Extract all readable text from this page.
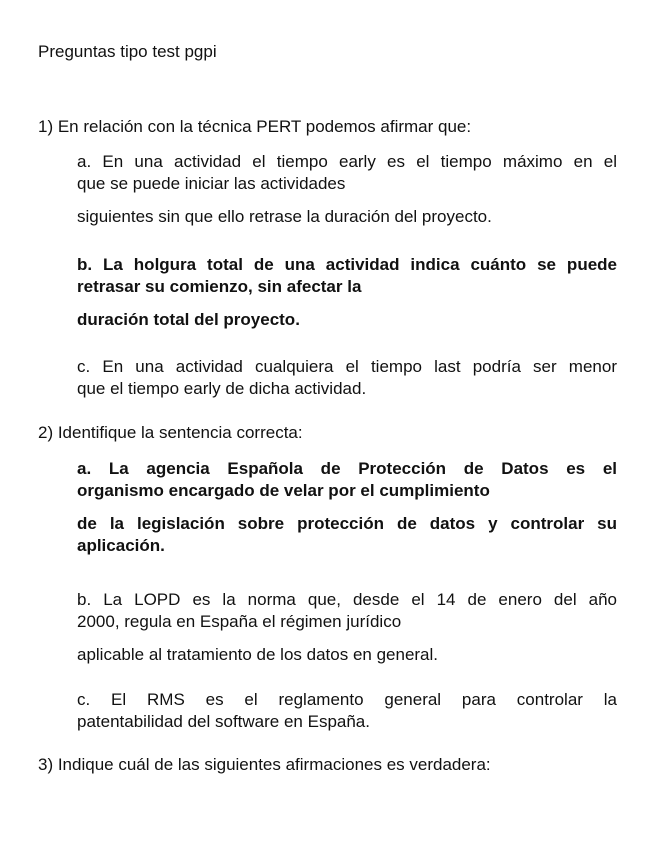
Preguntas tipo test pgpi
1) En relación con la técnica PERT podemos afirmar que:
a. En una actividad el tiempo early es el tiempo máximo en el
que se puede iniciar las actividades
siguientes sin que ello retrase la duración del proyecto.
b. La holgura total de una actividad indica cuánto se puede
retrasar su comienzo, sin afectar la
duración total del proyecto.
c. En una actividad cualquiera el tiempo last podría ser menor
que el tiempo early de dicha actividad.
2) Identifique la sentencia correcta:
a. La agencia Española de Protección de Datos es el
organismo encargado de velar por el cumplimiento
de la legislación sobre protección de datos y controlar su
aplicación.
b. La LOPD es la norma que, desde el 14 de enero del año
2000, regula en España el régimen jurídico
aplicable al tratamiento de los datos en general.
c. El RMS es el reglamento general para controlar la
patentabilidad del software en España.
3) Indique cuál de las siguientes afirmaciones es verdadera:
